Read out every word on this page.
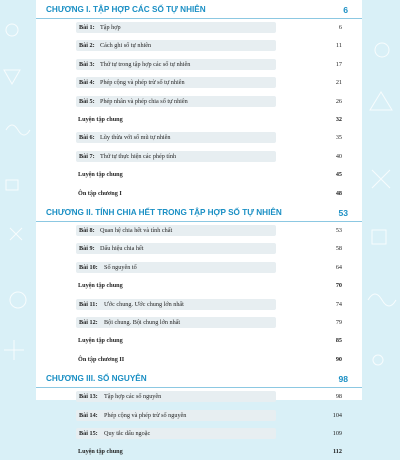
CHƯƠNG I. TẬP HỢP CÁC SỐ TỰ NHIÊN	6
Bài 1: Tập hợp	6
Bài 2: Cách ghi số tự nhiên	11
Bài 3: Thứ tự trong tập hợp các số tự nhiên	17
Bài 4: Phép cộng và phép trừ số tự nhiên	21
Bài 5: Phép nhân và phép chia số tự nhiên	26
Luyện tập chung	32
Bài 6: Lũy thừa với số mũ tự nhiên	35
Bài 7: Thứ tự thực hiện các phép tính	40
Luyện tập chung	45
Ôn tập chương I	48
CHƯƠNG II. TÍNH CHIA HẾT TRONG TẬP HỢP SỐ TỰ NHIÊN	53
Bài 8: Quan hệ chia hết và tính chất	53
Bài 9: Dấu hiệu chia hết	58
Bài 10: Số nguyên tố	64
Luyện tập chung	70
Bài 11: Ước chung. Ước chung lớn nhất	74
Bài 12: Bội chung. Bội chung lớn nhất	79
Luyện tập chung	85
Ôn tập chương II	90
CHƯƠNG III. SỐ NGUYÊN	98
Bài 13: Tập hợp các số nguyên	98
Bài 14: Phép cộng và phép trừ số nguyên	104
Bài 15: Quy tắc dấu ngoặc	109
Luyện tập chung	112
